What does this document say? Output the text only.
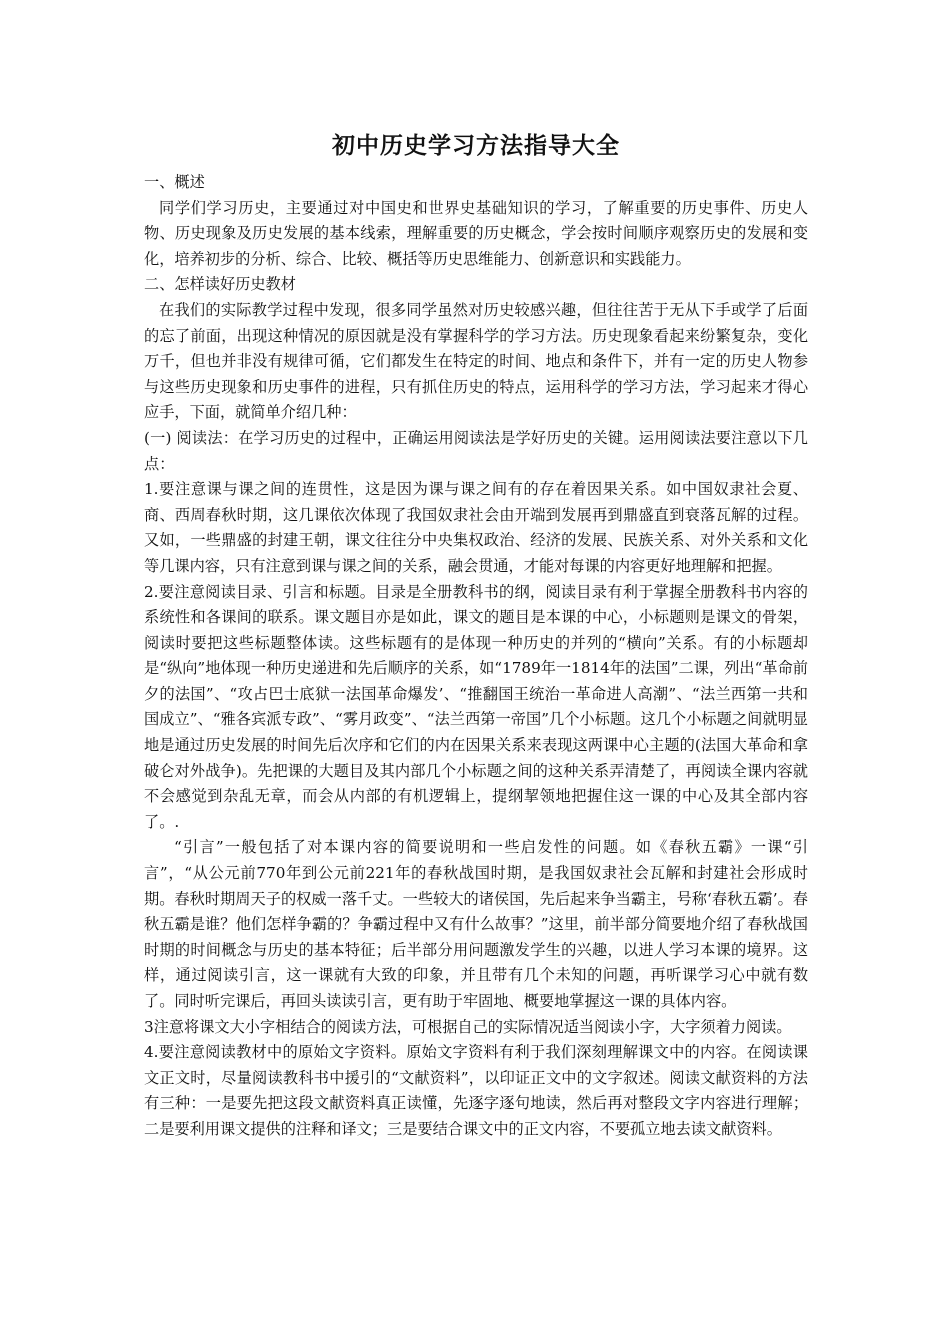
初中历史学习方法指导大全

一、概述

同学们学习历史，主要通过对中国史和世界史基础知识的学习，了解重要的历史事件、历史人物、历史现象及历史发展的基本线索，理解重要的历史概念，学会按时间顺序观察历史的发展和变化，培养初步的分析、综合、比较、概括等历史思维能力、创新意识和实践能力。

二、怎样读好历史教材

在我们的实际教学过程中发现，很多同学虽然对历史较感兴趣，但往往苦于无从下手或学了后面的忘了前面，出现这种情况的原因就是没有掌握科学的学习方法。历史现象看起来纷繁复杂，变化万千，但也并非没有规律可循，它们都发生在特定的时间、地点和条件下，并有一定的历史人物参与这些历史现象和历史事件的进程，只有抓住历史的特点，运用科学的学习方法，学习起来才得心应手，下面，就简单介绍几种：

(一) 阅读法：在学习历史的过程中，正确运用阅读法是学好历史的关键。运用阅读法要注意以下几点：

1.要注意课与课之间的连贯性，这是因为课与课之间有的存在着因果关系。如中国奴隶社会夏、商、西周春秋时期，这几课依次体现了我国奴隶社会由开端到发展再到鼎盛直到衰落瓦解的过程。又如，一些鼎盛的封建王朝，课文往往分中央集权政治、经济的发展、民族关系、对外关系和文化等几课内容，只有注意到课与课之间的关系，融会贯通，才能对每课的内容更好地理解和把握。

2.要注意阅读目录、引言和标题。目录是全册教科书的纲，阅读目录有利于掌握全册教科书内容的系统性和各课间的联系。课文题目亦是如此，课文的题目是本课的中心，小标题则是课文的骨架，阅读时要把这些标题整体读。这些标题有的是体现一种历史的并列的“横向”关系。有的小标题却是“纵向”地体现一种历史递进和先后顺序的关系，如“1789年一1814年的法国”二课，列出“革命前夕的法国”、“攻占巴士底狱一法国革命爆发’、“推翻国王统治一革命进人高潮”、“法兰西第一共和国成立”、“雅各宾派专政”、“雾月政变”、“法兰西第一帝国”几个小标题。这几个小标题之间就明显地是通过历史发展的时间先后次序和它们的内在因果关系来表现这两课中心主题的(法国大革命和拿破仑对外战争)。先把课的大题目及其内部几个小标题之间的这种关系弄清楚了，再阅读全课内容就不会感觉到杂乱无章，而会从内部的有机逻辑上，提纲挈领地把握住这一课的中心及其全部内容了。.

“引言”一般包括了对本课内容的简要说明和一些启发性的问题。如《春秋五霸》一课“引言”，“从公元前770年到公元前221年的春秋战国时期，是我国奴隶社会瓦解和封建社会形成时期。春秋时期周天子的权威一落千丈。一些较大的诸侯国，先后起来争当霸主，号称‘春秋五霸’。春秋五霸是谁？他们怎样争霸的？争霸过程中又有什么故事？”这里，前半部分简要地介绍了春秋战国时期的时间概念与历史的基本特征；后半部分用问题激发学生的兴趣，以进人学习本课的境界。这样，通过阅读引言，这一课就有大致的印象，并且带有几个未知的问题，再听课学习心中就有数了。同时听完课后，再回头读读引言，更有助于牢固地、概要地掌握这一课的具体内容。

3注意将课文大小字相结合的阅读方法，可根据自己的实际情况适当阅读小字，大字须着力阅读。

4.要注意阅读教材中的原始文字资料。原始文字资料有利于我们深刻理解课文中的内容。在阅读课文正文时，尽量阅读教科书中援引的“文献资料”，以印证正文中的文字叙述。阅读文献资料的方法有三种：一是要先把这段文献资料真正读懂，先逐字逐句地读，然后再对整段文字内容进行理解；二是要利用课文提供的注释和译文；三是要结合课文中的正文内容，不要孤立地去读文献资料。
